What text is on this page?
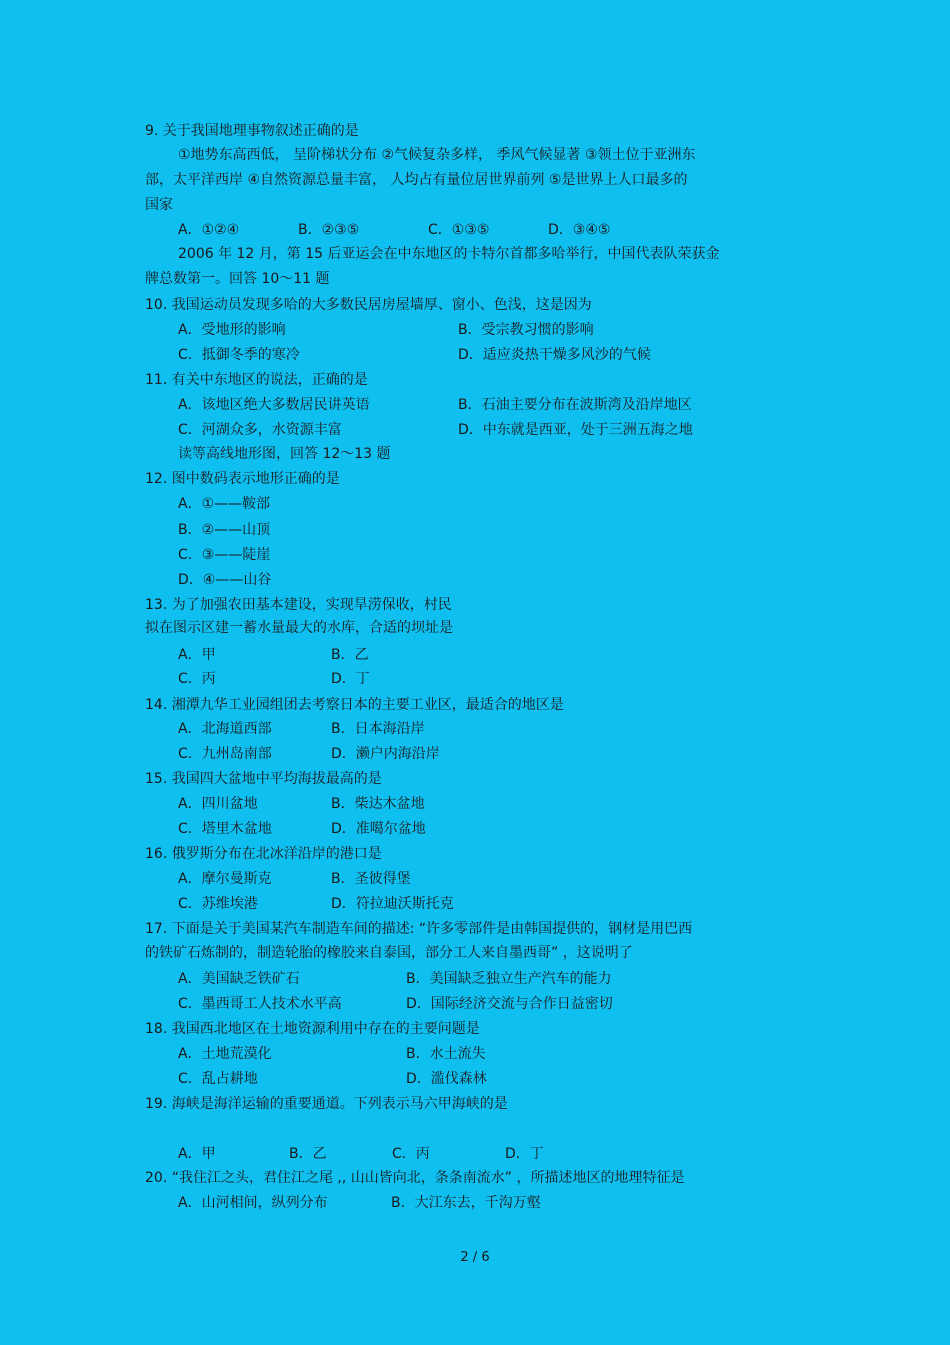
9. 关于我国地理事物叙述正确的是
①地势东高西低， 呈阶梯状分布 ②气候复杂多样， 季风气候显著 ③领土位于亚洲东
部，太平洋西岸 ④自然资源总量丰富， 人均占有量位居世界前列 ⑤是世界上人口最多的
国家
A．①②④	B．②③⑤	C．①③⑤	D．③④⑤
2006 年 12 月，第 15 后亚运会在中东地区的卡特尔首都多哈举行，中国代表队荣获金
牌总数第一。回答 10～11 题
10. 我国运动员发现多哈的大多数民居房屋墙厚、窗小、色浅，这是因为
A．受地形的影响	B．受宗教习惯的影响
C．抵御冬季的寒冷	D．适应炎热干燥多风沙的气候
11. 有关中东地区的说法，正确的是
A．该地区绝大多数居民讲英语	B．石油主要分布在波斯湾及沿岸地区
C．河湖众多，水资源丰富	D．中东就是西亚，处于三洲五海之地
读等高线地形图，回答 12～13 题
12. 图中数码表示地形正确的是
A．①——鞍部
B．②——山顶
C．③——陡崖
D．④——山谷
13. 为了加强农田基本建设，实现旱涝保收，村民
拟在图示区建一蓄水量最大的水库，合适的坝址是
A．甲	B．乙
C．丙	D．丁
14. 湘潭九华工业园组团去考察日本的主要工业区，最适合的地区是
A．北海道西部	B．日本海沿岸
C．九州岛南部	D．濑户内海沿岸
15. 我国四大盆地中平均海拔最高的是
A．四川盆地	B．柴达木盆地
C．塔里木盆地	D．准噶尔盆地
16. 俄罗斯分布在北冰洋沿岸的港口是
A．摩尔曼斯克	B．圣彼得堡
C．苏维埃港	D．符拉迪沃斯托克
17. 下面是关于美国某汽车制造车间的描述: “许多零部件是由韩国提供的，钢材是用巴西
的铁矿石炼制的，制造轮胎的橡胶来自泰国，部分工人来自墨西哥” ，这说明了
A．美国缺乏铁矿石	B．美国缺乏独立生产汽车的能力
C．墨西哥工人技术水平高	D．国际经济交流与合作日益密切
18. 我国西北地区在土地资源利用中存在的主要问题是
A．土地荒漠化	B．水土流失
C．乱占耕地	D．滥伐森林
19. 海峡是海洋运输的重要通道。下列表示马六甲海峡的是
A．甲	B．乙	C．丙	D．丁
20. “我住江之头，君住江之尾 ,, 山山皆向北，条条南流水” ，所描述地区的地理特征是
A．山河相间，纵列分布	B．大江东去，千沟万壑
2 / 6
